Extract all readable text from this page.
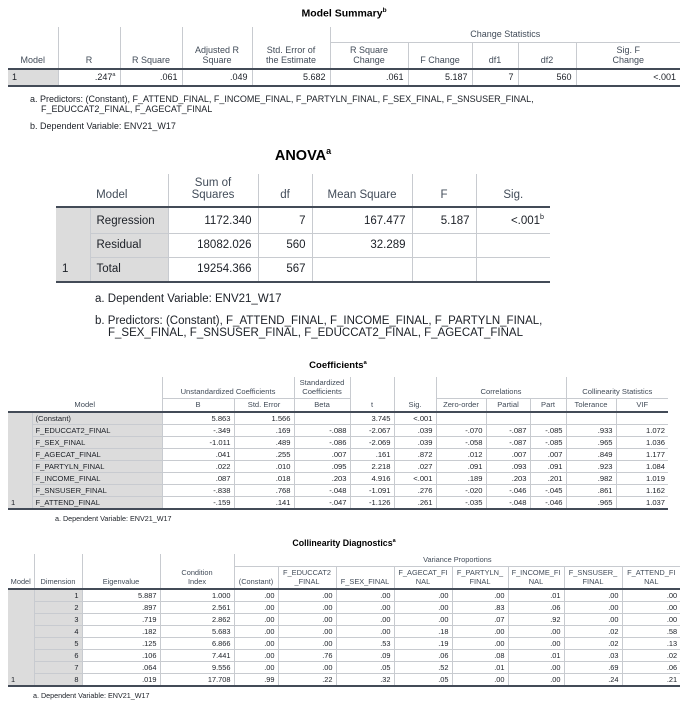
Model Summary$^b$
Model	R	R Square	Adjusted R Square	Std. Error of the Estimate	Change Statistics				
					R Square Change	F Change	df1	df2	Sig. F Change
1	.247$^a$	.061	.049	5.682	.061	5.187	7	560	<.001
a. Predictors: (Constant), F_ATTEND_FINAL, F_INCOME_FINAL, F_PARTYLN_FINAL, F_SEX_FINAL, F_SNSUSER_FINAL, F_EDUCCAT2_FINAL, F_AGECAT_FINAL
b. Dependent Variable: ENV21_W17
ANOVA$^a$
Model		Sum of Squares	df	Mean Square	F	Sig.
1	Regression	1172.340	7	167.477	5.187	<.001$^b$
	Residual	18082.026	560	32.289		
	Total	19254.366	567			
a. Dependent Variable: ENV21_W17
b. Predictors: (Constant), F_ATTEND_FINAL, F_INCOME_FINAL, F_PARTYLN_FINAL, F_SEX_FINAL, F_SNSUSER_FINAL, F_EDUCCAT2_FINAL, F_AGECAT_FINAL
Coefficients$^a$
Model		Unstandardized Coefficients		Standardized Coefficients	t	Sig.	Correlations			Collinearity Statistics	
		B	Std. Error	Beta			Zero-order	Partial	Part	Tolerance	VIF
1	(Constant)	5.863	1.566		3.745	<.001					
	F_EDUCCAT2_FINAL	-.349	.169	-.088	-2.067	.039	-.070	-.087	-.085	.933	1.072
	F_SEX_FINAL	-1.011	.489	-.086	-2.069	.039	-.058	-.087	-.085	.965	1.036
	F_AGECAT_FINAL	.041	.255	.007	.161	.872	.012	.007	.007	.849	1.177
	F_PARTYLN_FINAL	.022	.010	.095	2.218	.027	.091	.093	.091	.923	1.084
	F_INCOME_FINAL	.087	.018	.203	4.916	<.001	.189	.203	.201	.982	1.019
	F_SNSUSER_FINAL	-.838	.768	-.048	-1.091	.276	-.020	-.046	-.045	.861	1.162
	F_ATTEND_FINAL	-.159	.141	-.047	-1.126	.261	-.035	-.048	-.046	.965	1.037
a. Dependent Variable: ENV21_W17
Collinearity Diagnostics$^a$
Model	Dimension	Eigenvalue	Condition Index	Variance Proportions							
				(Constant)	F_EDUCCAT2_FINAL	F_SEX_FINAL	F_AGECAT_FINAL	F_PARTYLN_FINAL	F_INCOME_FINAL	F_SNSUSER_FINAL	F_ATTEND_FINAL
1	1	5.887	1.000	.00	.00	.00	.00	.00	.01	.00	.00
	2	.897	2.561	.00	.00	.00	.00	.83	.06	.00	.00
	3	.719	2.862	.00	.00	.00	.00	.07	.92	.00	.00
	4	.182	5.683	.00	.00	.00	.18	.00	.00	.02	.58
	5	.125	6.866	.00	.00	.53	.19	.00	.00	.02	.13
	6	.106	7.441	.00	.76	.09	.06	.08	.01	.03	.02
	7	.064	9.556	.00	.00	.05	.52	.01	.00	.69	.06
	8	.019	17.708	.99	.22	.32	.05	.00	.00	.24	.21
a. Dependent Variable: ENV21_W17
